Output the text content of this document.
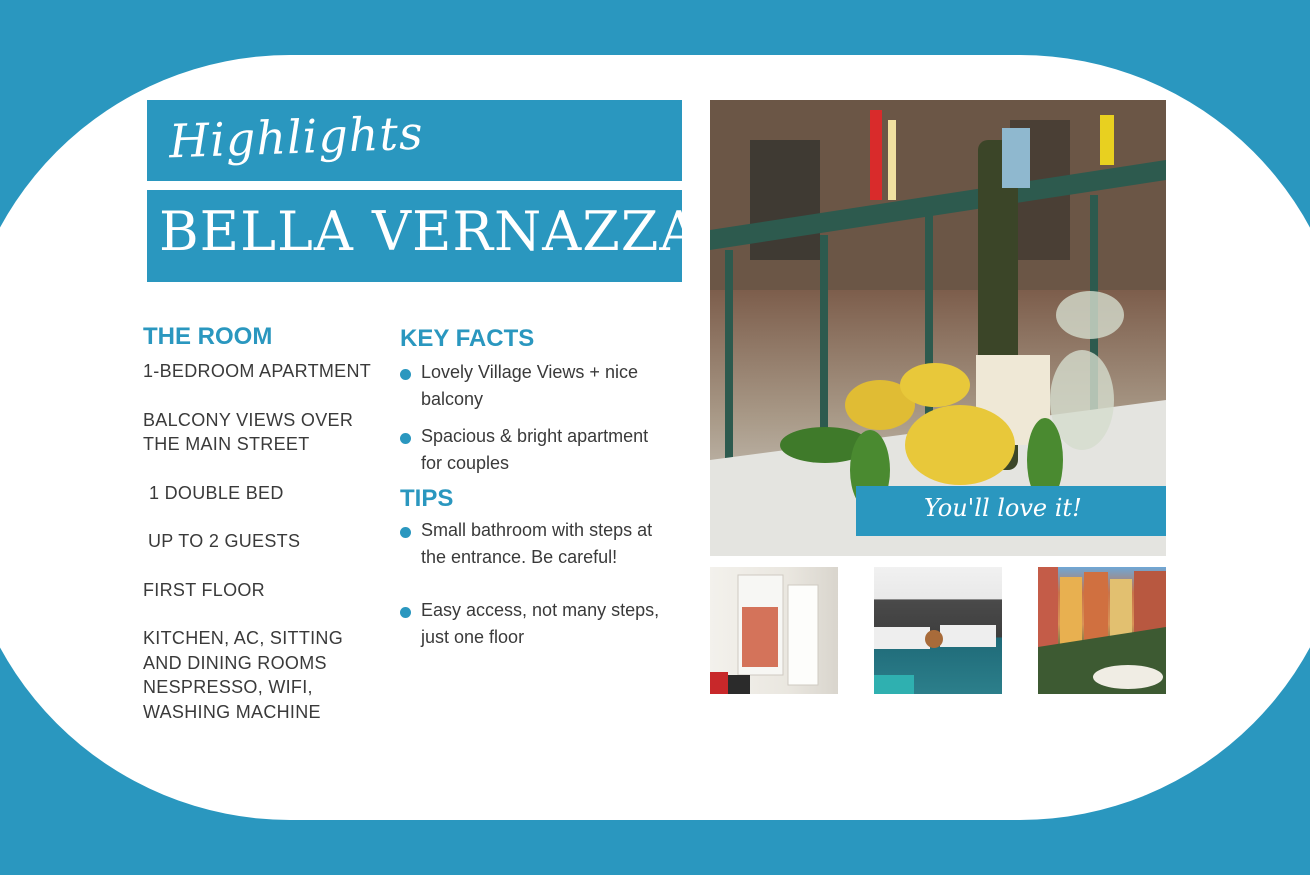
Highlights
BELLA VERNAZZA
THE ROOM
1-BEDROOM APARTMENT
BALCONY VIEWS OVER THE MAIN STREET
1 DOUBLE BED
UP TO 2 GUESTS
FIRST FLOOR
KITCHEN, AC, SITTING AND DINING ROOMS NESPRESSO, WIFI, WASHING MACHINE
KEY FACTS
Lovely Village Views + nice balcony
Spacious & bright apartment for couples
TIPS
Small bathroom with steps at the entrance. Be careful!
Easy access, not many steps, just one floor
You'll love it!
